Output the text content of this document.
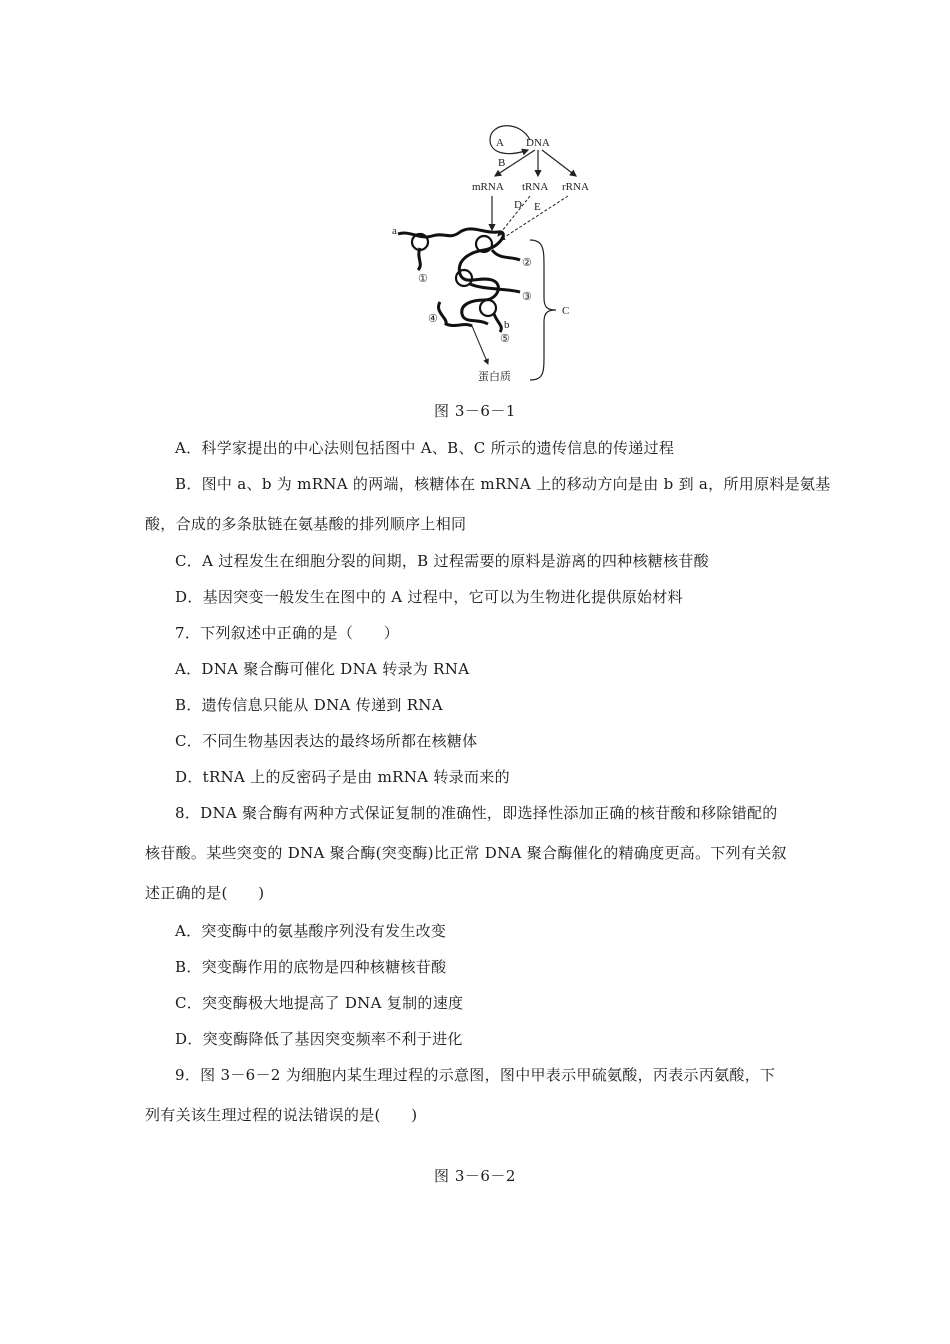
A DNA
B
mRNA tRNA rRNA
D E
a
①
②
③
④	b
⑤
C
蛋白质
图 3－6－1
A．科学家提出的中心法则包括图中 A、B、C 所示的遗传信息的传递过程
B．图中 a、b 为 mRNA 的两端，核糖体在 mRNA 上的移动方向是由 b 到 a，所用原料是氨基
酸，合成的多条肽链在氨基酸的排列顺序上相同
C．A 过程发生在细胞分裂的间期，B 过程需要的原料是游离的四种核糖核苷酸
D．基因突变一般发生在图中的 A 过程中，它可以为生物进化提供原始材料
7．下列叙述中正确的是（　　）
A．DNA 聚合酶可催化 DNA 转录为 RNA
B．遗传信息只能从 DNA 传递到 RNA
C．不同生物基因表达的最终场所都在核糖体
D．tRNA 上的反密码子是由 mRNA 转录而来的
8．DNA 聚合酶有两种方式保证复制的准确性，即选择性添加正确的核苷酸和移除错配的
核苷酸。某些突变的 DNA 聚合酶(突变酶)比正常 DNA 聚合酶催化的精确度更高。下列有关叙
述正确的是(　　)
A．突变酶中的氨基酸序列没有发生改变
B．突变酶作用的底物是四种核糖核苷酸
C．突变酶极大地提高了 DNA 复制的速度
D．突变酶降低了基因突变频率不利于进化
9．图 3－6－2 为细胞内某生理过程的示意图，图中甲表示甲硫氨酸，丙表示丙氨酸，下
列有关该生理过程的说法错误的是(　　)
图 3－6－2
